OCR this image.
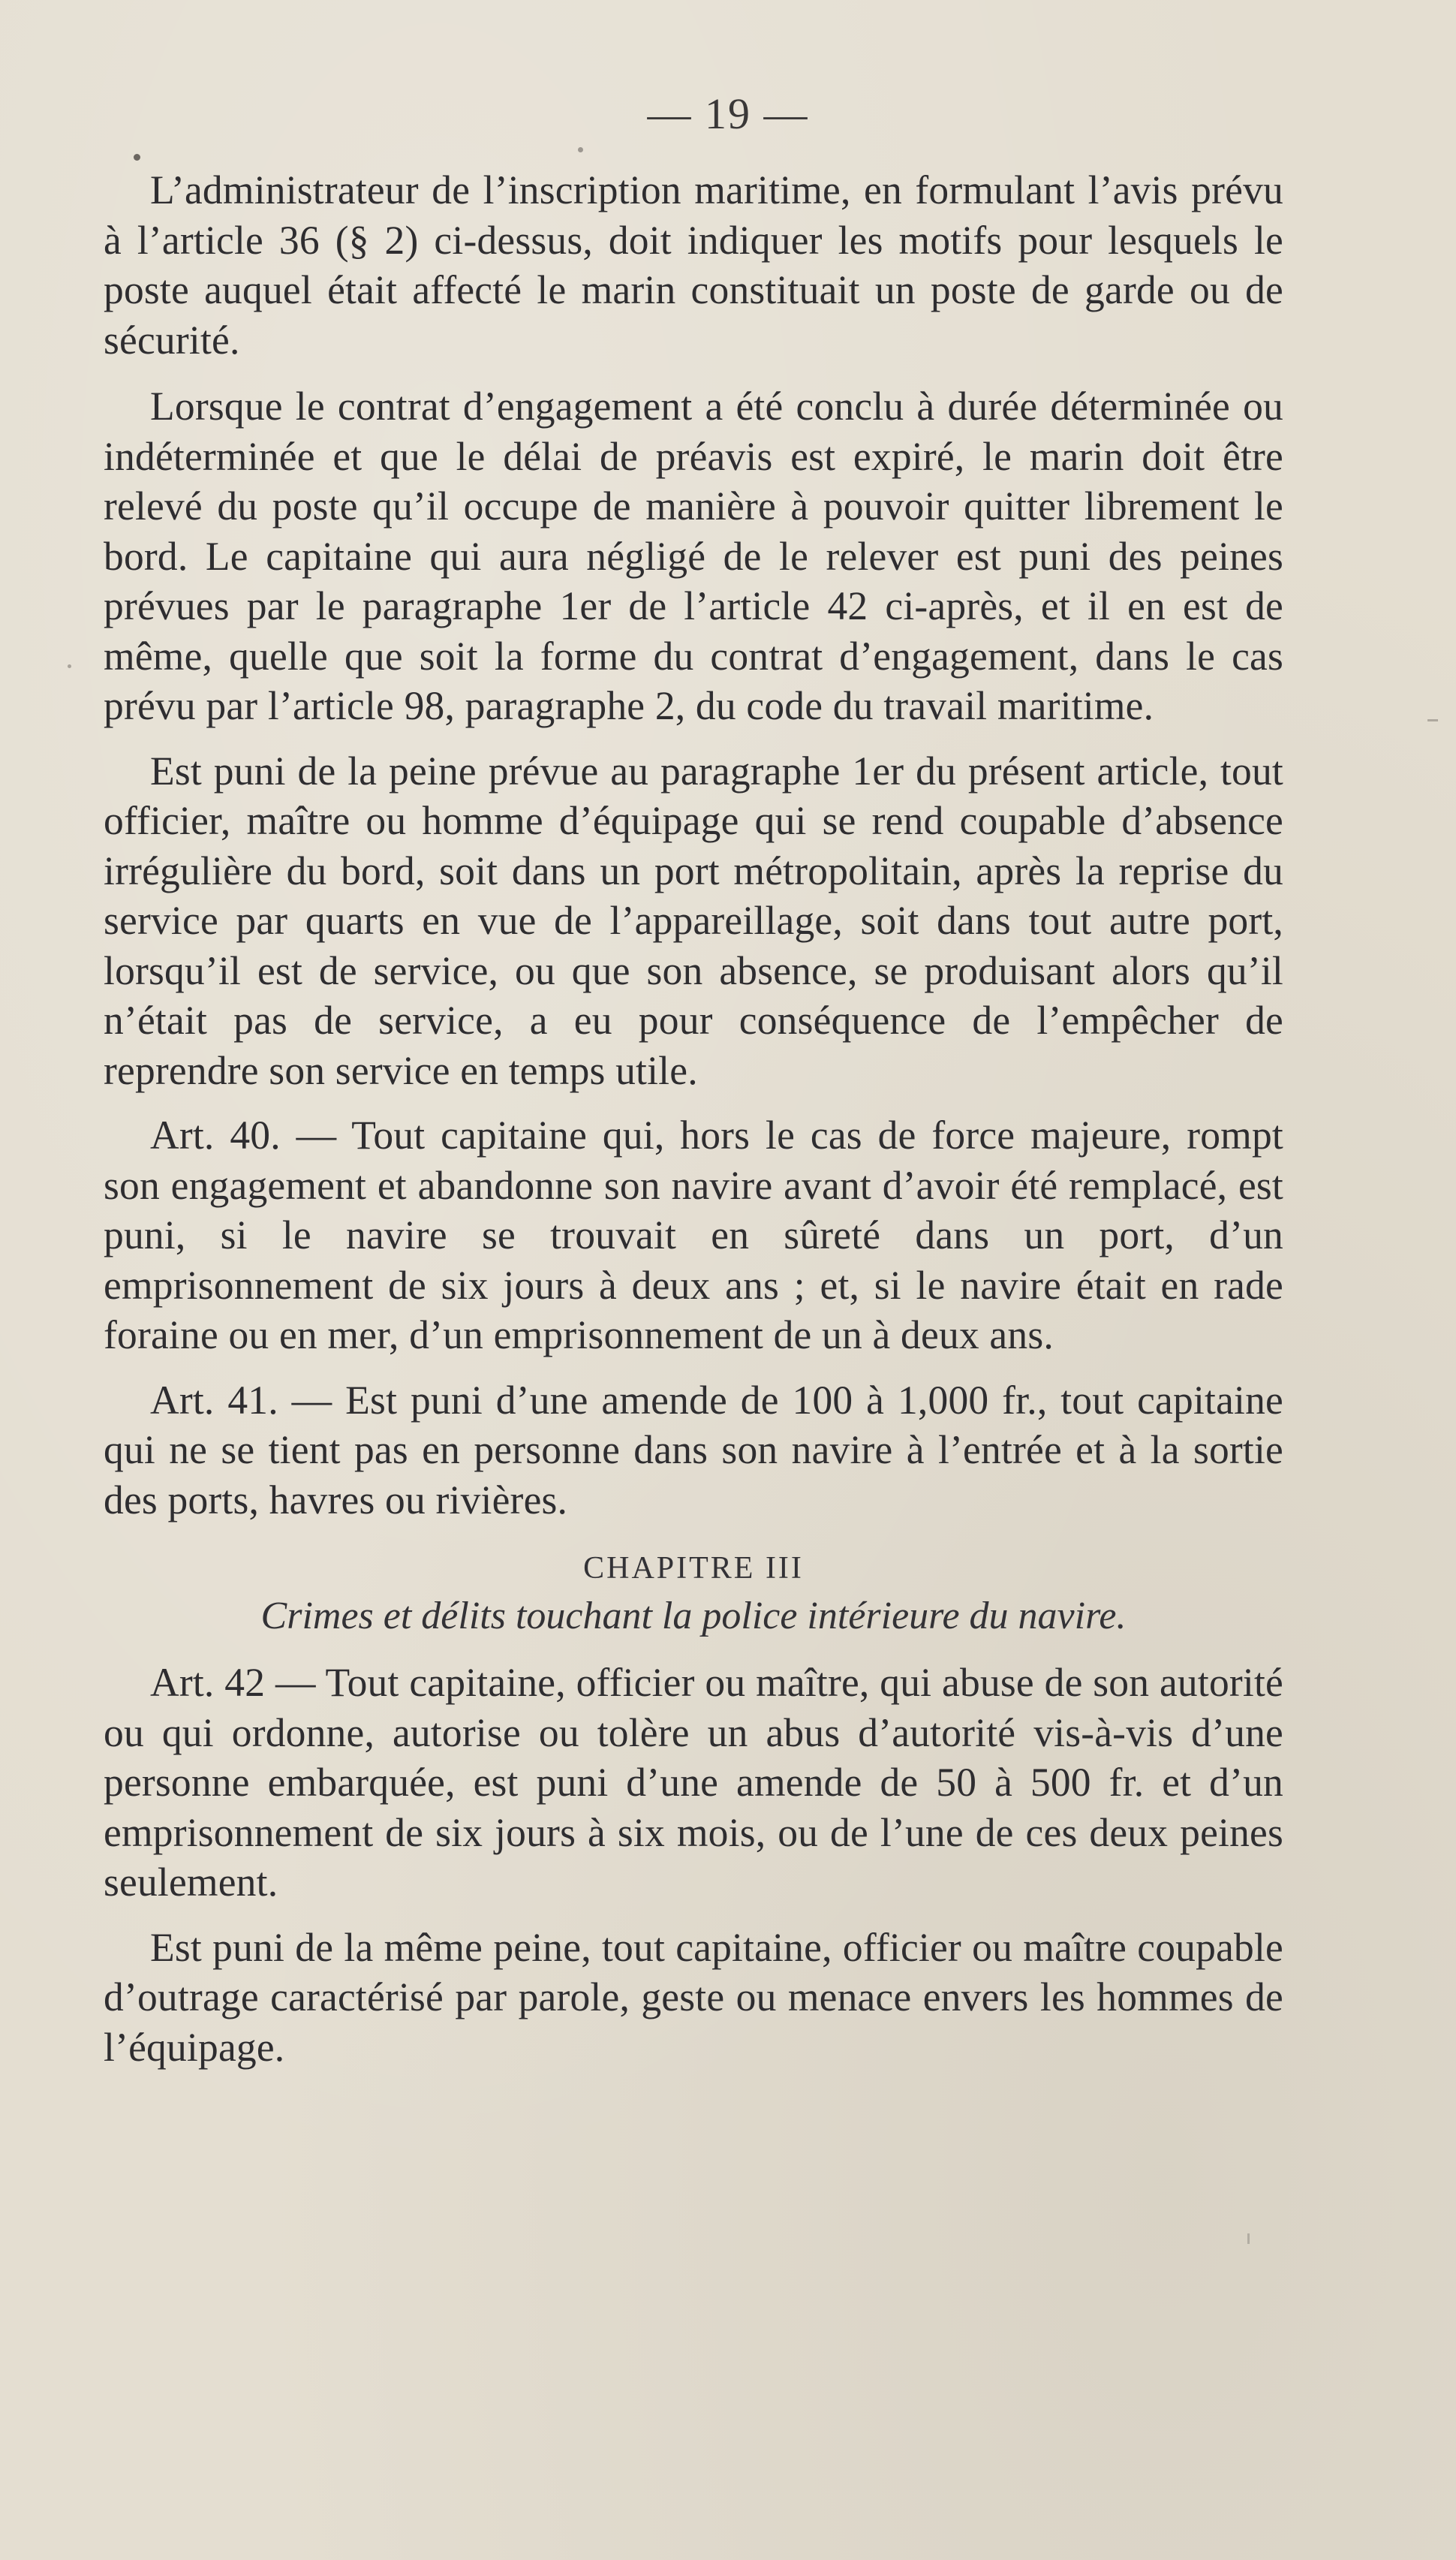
— 19 —

L’administrateur de l’inscription maritime, en formulant l’avis prévu à l’article 36 (§ 2) ci-dessus, doit indiquer les motifs pour lesquels le poste auquel était affecté le marin constituait un poste de garde ou de sécurité.

Lorsque le contrat d’engagement a été conclu à durée déterminée ou indéterminée et que le délai de préavis est expiré, le marin doit être relevé du poste qu’il occupe de manière à pouvoir quitter librement le bord. Le capitaine qui aura négligé de le relever est puni des peines prévues par le paragraphe 1er de l’article 42 ci-après, et il en est de même, quelle que soit la forme du contrat d’engagement, dans le cas prévu par l’article 98, paragraphe 2, du code du travail maritime.

Est puni de la peine prévue au paragraphe 1er du présent article, tout officier, maître ou homme d’équipage qui se rend coupable d’absence irrégulière du bord, soit dans un port métropolitain, après la reprise du service par quarts en vue de l’appareillage, soit dans tout autre port, lorsqu’il est de service, ou que son absence, se produisant alors qu’il n’était pas de service, a eu pour conséquence de l’empêcher de reprendre son service en temps utile.

Art. 40. — Tout capitaine qui, hors le cas de force majeure, rompt son engagement et abandonne son navire avant d’avoir été remplacé, est puni, si le navire se trouvait en sûreté dans un port, d’un emprisonnement de six jours à deux ans ; et, si le navire était en rade foraine ou en mer, d’un emprisonnement de un à deux ans.

Art. 41. — Est puni d’une amende de 100 à 1,000 fr., tout capitaine qui ne se tient pas en personne dans son navire à l’entrée et à la sortie des ports, havres ou rivières.

CHAPITRE III
Crimes et délits touchant la police intérieure du navire.

Art. 42 — Tout capitaine, officier ou maître, qui abuse de son autorité ou qui ordonne, autorise ou tolère un abus d’autorité vis-à-vis d’une personne embarquée, est puni d’une amende de 50 à 500 fr. et d’un emprisonnement de six jours à six mois, ou de l’une de ces deux peines seulement.

Est puni de la même peine, tout capitaine, officier ou maître coupable d’outrage caractérisé par parole, geste ou menace envers les hommes de l’équipage.
